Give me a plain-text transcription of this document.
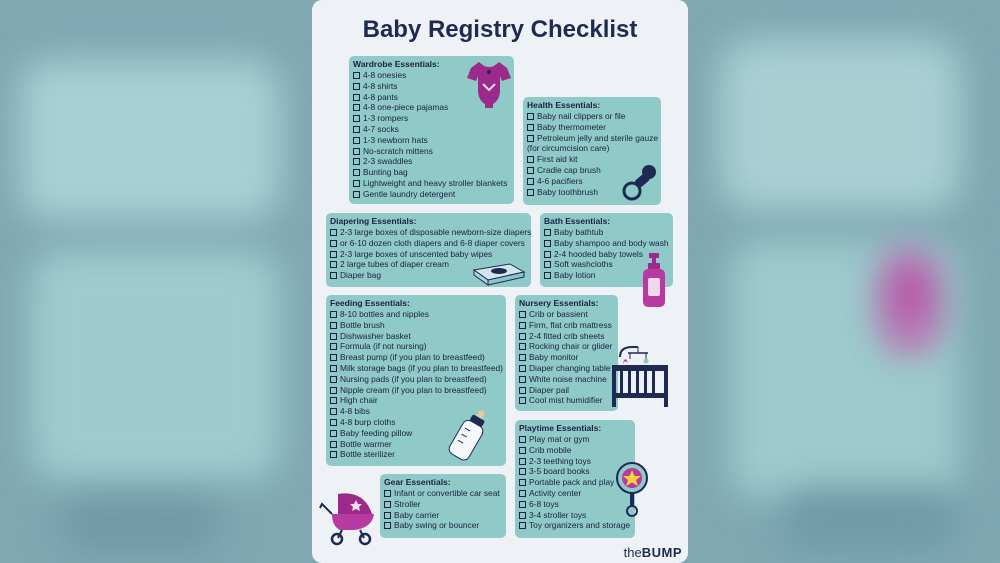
Baby Registry Checklist
Wardrobe Essentials:
4-8 onesies
4-8 shirts
4-8 pants
4-8 one-piece pajamas
1-3 rompers
4-7 socks
1-3 newborn hats
No-scratch mittens
2-3 swaddles
Bunting bag
Lightweight and heavy stroller blankets
Gentle laundry detergent
Health Essentials:
Baby nail clippers or file
Baby thermometer
Petroleum jelly and sterile gauze
(for circumcision care)
First aid kit
Cradle cap brush
4-6 pacifiers
Baby toothbrush
Diapering Essentials:
2-3 large boxes of disposable newborn-size diapers
or 6-10 dozen cloth diapers and 6-8 diaper covers
2-3 large boxes of unscented baby wipes
2 large tubes of diaper cream
Diaper bag
Bath Essentials:
Baby bathtub
Baby shampoo and body wash
2-4 hooded baby towels
Soft washcloths
Baby lotion
Feeding Essentials:
8-10 bottles and nipples
Bottle brush
Dishwasher basket
Formula (if not nursing)
Breast pump (if you plan to breastfeed)
Milk storage bags (if you plan to breastfeed)
Nursing pads (if you plan to breastfeed)
Nipple cream (if you plan to breastfeed)
High chair
4-8 bibs
4-8 burp cloths
Baby feeding pillow
Bottle warmer
Bottle sterilizer
Nursery Essentials:
Crib or bassient
Firm, flat crib mattress
2-4 fitted crib sheets
Rocking chair or glider
Baby monitor
Diaper changing table
White noise machine
Diaper pail
Cool mist humidifier
Playtime Essentials:
Play mat or gym
Crib mobile
2-3 teething toys
3-5 board books
Portable pack and play
Activity center
6-8 toys
3-4 stroller toys
Toy organizers and storage
Gear Essentials:
Infant or convertible car seat
Stroller
Baby carrier
Baby swing or bouncer
theBUMP
